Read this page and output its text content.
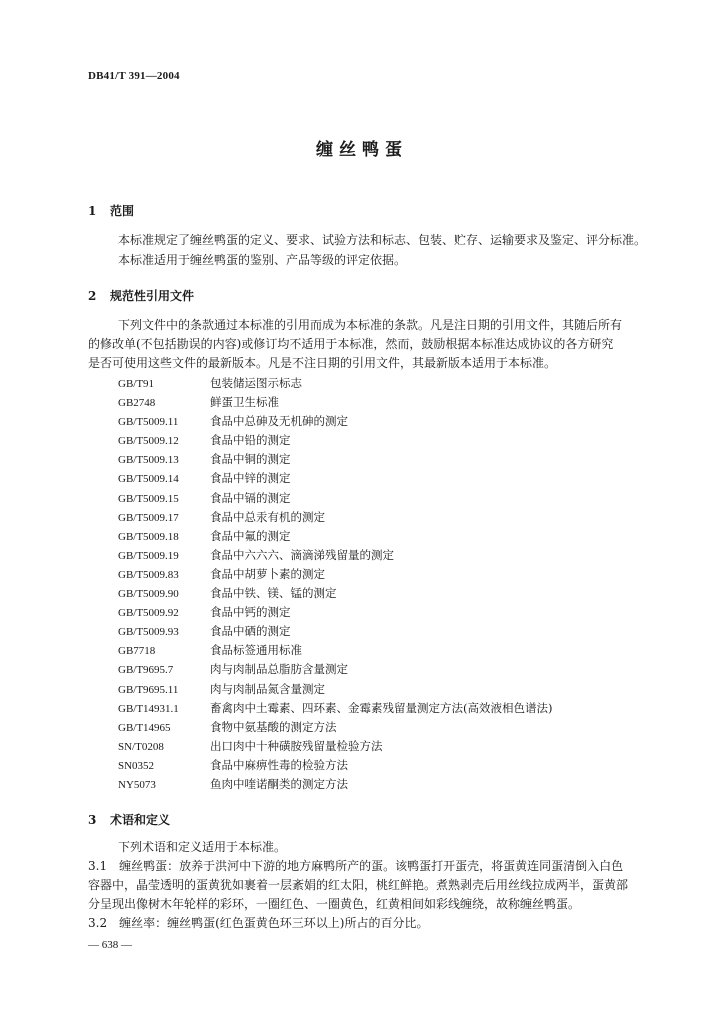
DB41/T 391—2004
缠丝鸭蛋
1 范围
本标准规定了缠丝鸭蛋的定义、要求、试验方法和标志、包装、贮存、运输要求及鉴定、评分标准。
本标准适用于缠丝鸭蛋的鉴别、产品等级的评定依据。
2 规范性引用文件
下列文件中的条款通过本标准的引用而成为本标准的条款。凡是注日期的引用文件，其随后所有
的修改单(不包括勘误的内容)或修订均不适用于本标准，然而，鼓励根据本标准达成协议的各方研究
是否可使用这些文件的最新版本。凡是不注日期的引用文件，其最新版本适用于本标准。
GB/T91	包装储运图示标志
GB2748	鲜蛋卫生标准
GB/T5009.11	食品中总砷及无机砷的测定
GB/T5009.12	食品中铅的测定
GB/T5009.13	食品中铜的测定
GB/T5009.14	食品中锌的测定
GB/T5009.15	食品中镉的测定
GB/T5009.17	食品中总汞有机的测定
GB/T5009.18	食品中氟的测定
GB/T5009.19	食品中六六六、滴滴涕残留量的测定
GB/T5009.83	食品中胡萝卜素的测定
GB/T5009.90	食品中铁、镁、锰的测定
GB/T5009.92	食品中钙的测定
GB/T5009.93	食品中硒的测定
GB7718	食品标签通用标准
GB/T9695.7	肉与肉制品总脂肪含量测定
GB/T9695.11	肉与肉制品氮含量测定
GB/T14931.1	畜禽肉中土霉素、四环素、金霉素残留量测定方法(高效液相色谱法)
GB/T14965	食物中氨基酸的测定方法
SN/T0208	出口肉中十种磺胺残留量检验方法
SN0352	食品中麻痹性毒的检验方法
NY5073	鱼肉中喹诺酮类的测定方法
3 术语和定义
下列术语和定义适用于本标准。
3.1　缠丝鸭蛋：放养于洪河中下游的地方麻鸭所产的蛋。该鸭蛋打开蛋壳，将蛋黄连同蛋清倒入白色
容器中，晶莹透明的蛋黄犹如裹着一层紊娟的红太阳，桃红鲜艳。煮熟剥壳后用丝线拉成两半，蛋黄部
分呈现出像树木年轮样的彩环，一圈红色、一圈黄色，红黄相间如彩线缠绕，故称缠丝鸭蛋。
3.2　缠丝率：缠丝鸭蛋(红色蛋黄色环三环以上)所占的百分比。
— 638 —
